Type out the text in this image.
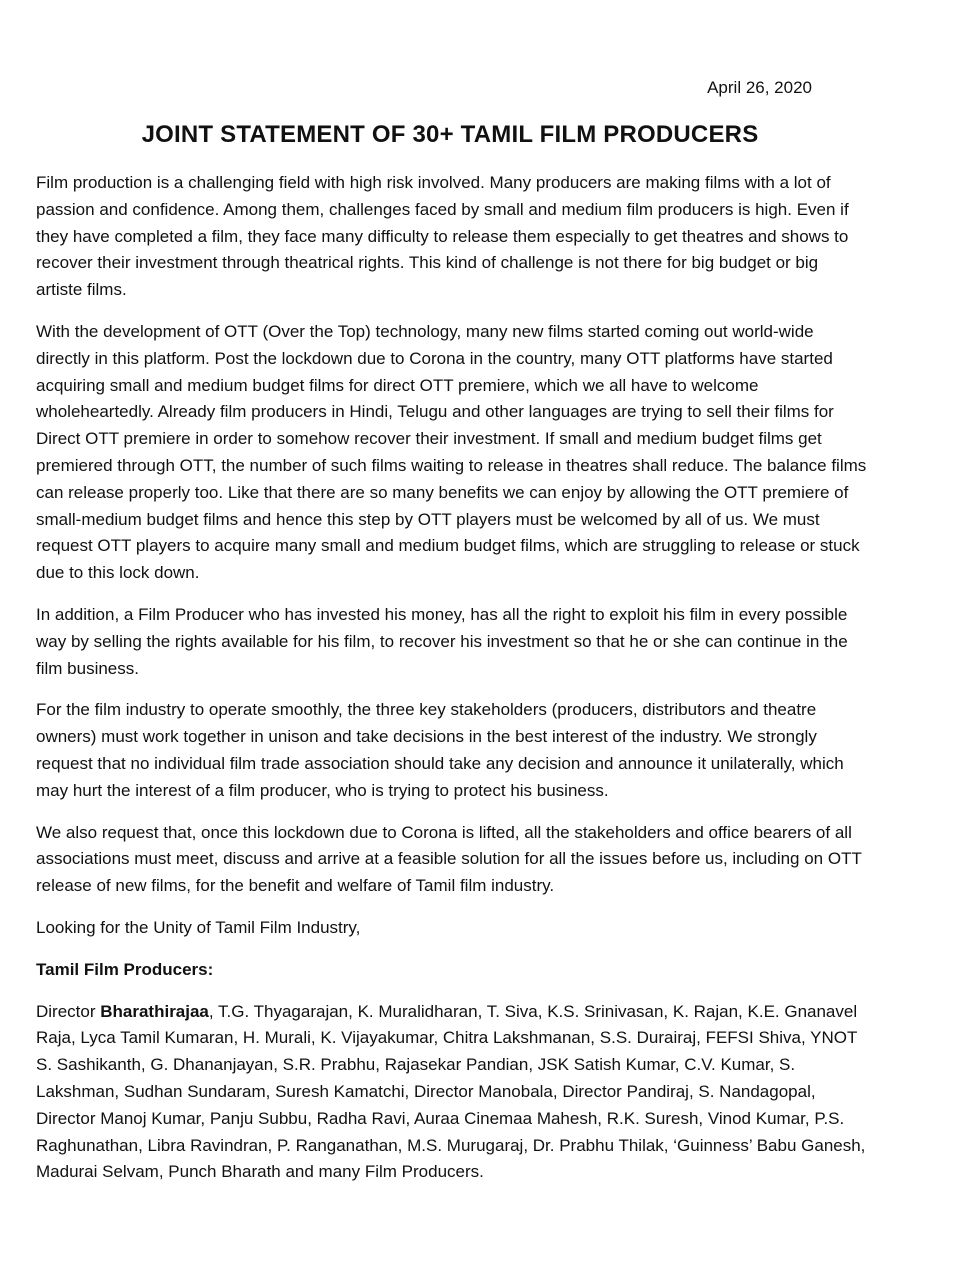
April 26, 2020
JOINT STATEMENT OF 30+ TAMIL FILM PRODUCERS

Film production is a challenging field with high risk involved. Many producers are making films with a lot of passion and confidence. Among them, challenges faced by small and medium film producers is high. Even if they have completed a film, they face many difficulty to release them especially to get theatres and shows to recover their investment through theatrical rights. This kind of challenge is not there for big budget or big artiste films.

With the development of OTT (Over the Top) technology, many new films started coming out world-wide directly in this platform. Post the lockdown due to Corona in the country, many OTT platforms have started acquiring small and medium budget films for direct OTT premiere, which we all have to welcome wholeheartedly. Already film producers in Hindi, Telugu and other languages are trying to sell their films for Direct OTT premiere in order to somehow recover their investment. If small and medium budget films get premiered through OTT, the number of such films waiting to release in theatres shall reduce. The balance films can release properly too. Like that there are so many benefits we can enjoy by allowing the OTT premiere of small-medium budget films and hence this step by OTT players must be welcomed by all of us. We must request OTT players to acquire many small and medium budget films, which are struggling to release or stuck due to this lock down.

In addition, a Film Producer who has invested his money, has all the right to exploit his film in every possible way by selling the rights available for his film, to recover his investment so that he or she can continue in the film business.

For the film industry to operate smoothly, the three key stakeholders (producers, distributors and theatre owners) must work together in unison and take decisions in the best interest of the industry. We strongly request that no individual film trade association should take any decision and announce it unilaterally, which may hurt the interest of a film producer, who is trying to protect his business.

We also request that, once this lockdown due to Corona is lifted, all the stakeholders and office bearers of all associations must meet, discuss and arrive at a feasible solution for all the issues before us, including on OTT release of new films, for the benefit and welfare of Tamil film industry.

Looking for the Unity of Tamil Film Industry,
Tamil Film Producers:
Director Bharathirajaa, T.G. Thyagarajan, K. Muralidharan, T. Siva, K.S. Srinivasan, K. Rajan, K.E. Gnanavel Raja, Lyca Tamil Kumaran, H. Murali, K. Vijayakumar, Chitra Lakshmanan, S.S. Durairaj, FEFSI Shiva, YNOT S. Sashikanth, G. Dhananjayan, S.R. Prabhu, Rajasekar Pandian, JSK Satish Kumar, C.V. Kumar, S. Lakshman, Sudhan Sundaram, Suresh Kamatchi, Director Manobala, Director Pandiraj, S. Nandagopal, Director Manoj Kumar, Panju Subbu, Radha Ravi, Auraa Cinemaa Mahesh, R.K. Suresh, Vinod Kumar, P.S. Raghunathan, Libra Ravindran, P. Ranganathan, M.S. Murugaraj, Dr. Prabhu Thilak, ‘Guinness’ Babu Ganesh, Madurai Selvam, Punch Bharath and many Film Producers.
